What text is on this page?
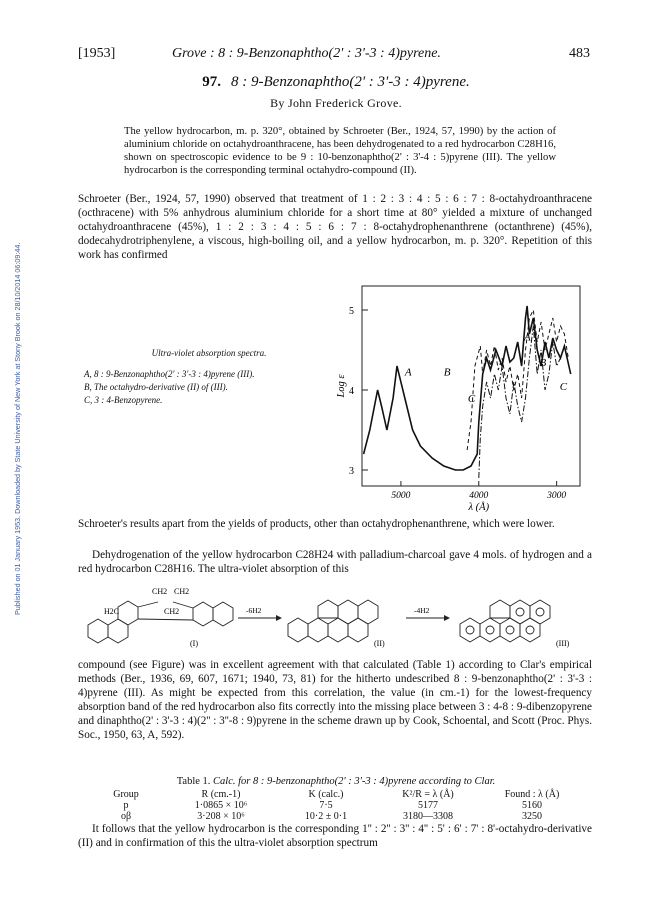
Published on 01 January 1953. Downloaded by State University of New York at Stony Brook on 28/10/2014 06:09:44.
[1953]	Grove : 8 : 9-Benzonaphtho(2' : 3'-3 : 4)pyrene.	483
97. 8 : 9-Benzonaphtho(2' : 3'-3 : 4)pyrene.
By John Frederick Grove.

The yellow hydrocarbon, m. p. 320°, obtained by Schroeter (Ber., 1924, 57, 1990) by the action of aluminium chloride on octahydroanthracene, has been dehydrogenated to a red hydrocarbon C28H16, shown on spectroscopic evidence to be 9 : 10-benzonaphtho(2' : 3'-4 : 5)pyrene (III). The yellow hydrocarbon is the corresponding terminal octahydro-compound (II).

Schroeter (Ber., 1924, 57, 1990) observed that treatment of 1 : 2 : 3 : 4 : 5 : 6 : 7 : 8-octahydroanthracene (octhracene) with 5% anhydrous aluminium chloride for a short time at 80° yielded a mixture of unchanged octahydroanthracene (45%), 1 : 2 : 3 : 4 : 5 : 6 : 7 : 8-octahydrophenanthrene (octanthrene) (45%), dodecahydrotriphenylene, a viscous, high-boiling oil, and a yellow hydrocarbon, m. p. 320°. Repetition of this work has confirmed

Ultra-violet absorption spectra.
A, 8 : 9-Benzonaphtho(2' : 3'-3 : 4)pyrene (III).
B, The octahydro-derivative (II) of (III).
C, 3 : 4-Benzopyrene.
3
4
5
5000	4000	3000
λ (Å)
Log ε
A	B
C
A
B
C

Schroeter's results apart from the yields of products, other than octahydrophenanthrene, which were lower.

Dehydrogenation of the yellow hydrocarbon C28H24 with palladium-charcoal gave 4 mols. of hydrogen and a red hydrocarbon C28H16. The ultra-violet absorption of this

CH2 CH2
H2C	CH2
(I)
-6H2
(II)
-4H2
(III)

compound (see Figure) was in excellent agreement with that calculated (Table 1) according to Clar's empirical methods (Ber., 1936, 69, 607, 1671; 1940, 73, 81) for the hitherto undescribed 8 : 9-benzonaphtho(2' : 3'-3 : 4)pyrene (III). As might be expected from this correlation, the value (in cm.-1) for the lowest-frequency absorption band of the red hydrocarbon also fits correctly into the missing place between 3 : 4-8 : 9-dibenzopyrene and dinaphtho(2' : 3'-3 : 4)(2'' : 3''-8 : 9)pyrene in the scheme drawn up by Cook, Schoental, and Scott (Proc. Phys. Soc., 1950, 63, A, 592).

Table 1. Calc. for 8 : 9-benzonaphtho(2' : 3'-3 : 4)pyrene according to Clar.
Group	R (cm.-1)	K (calc.)	K²/R = λ (Å)	Found : λ (Å)
p	1·0865 × 10⁶	7·5	5177	5160
oβ	3·208 × 10⁶	10·2 ± 0·1	3180—3308	3250

It follows that the yellow hydrocarbon is the corresponding 1'' : 2'' : 3'' : 4'' : 5' : 6' : 7' : 8'-octahydro-derivative (II) and in confirmation of this the ultra-violet absorption spectrum
